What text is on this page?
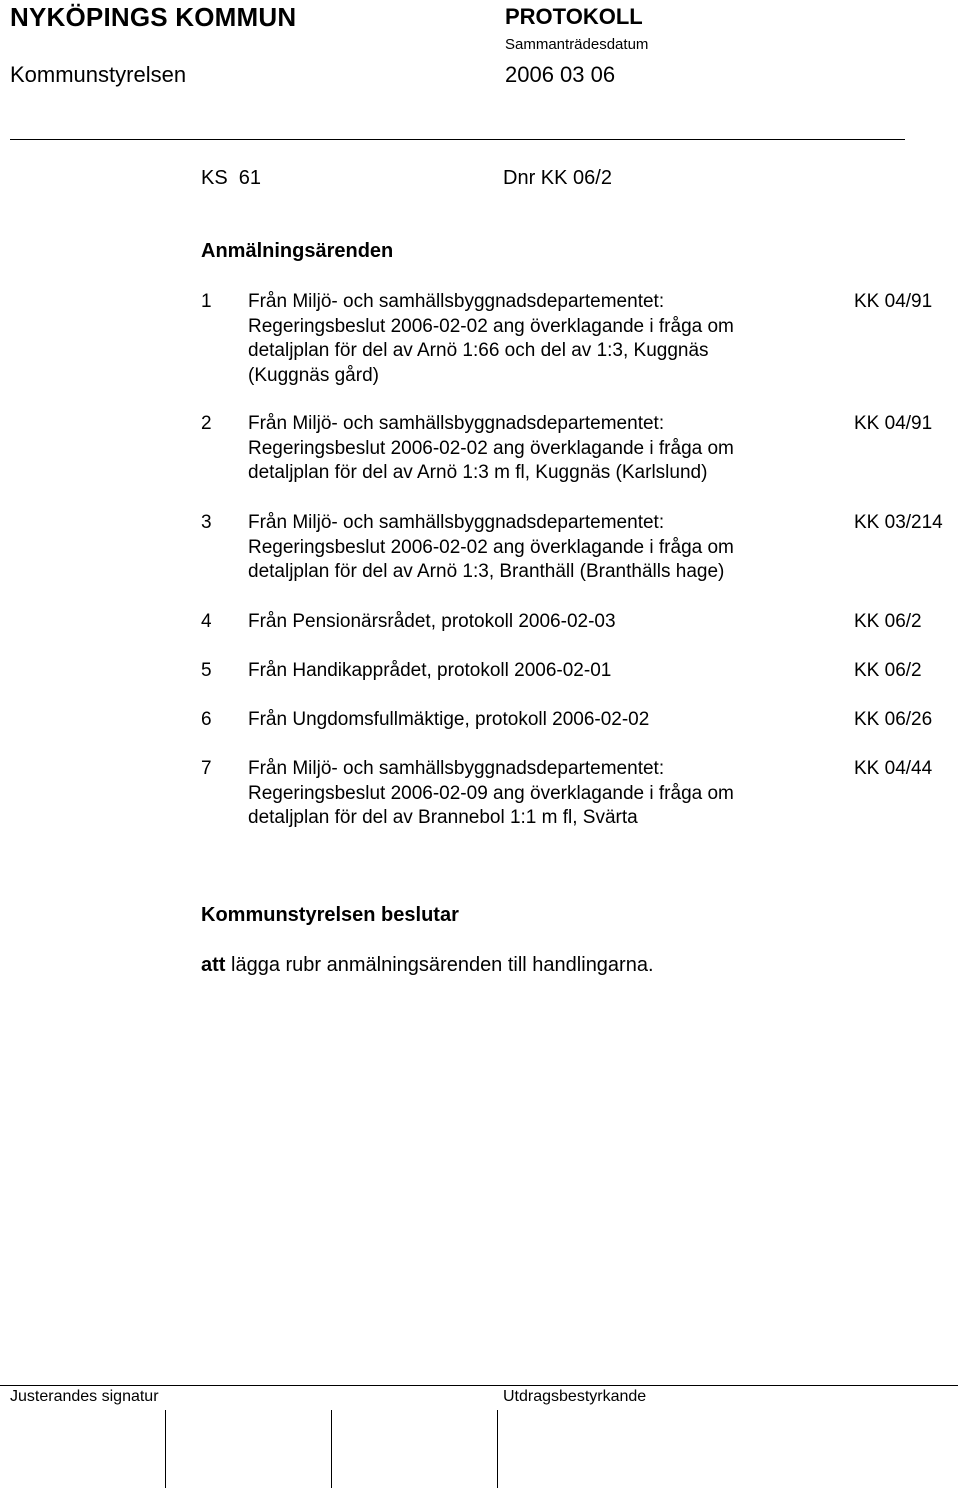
NYKÖPINGS KOMMUN	PROTOKOLL
Sammanträdesdatum
Kommunstyrelsen	2006 03 06
KS  61	Dnr KK 06/2
Anmälningsärenden
1 Från Miljö- och samhällsbyggnadsdepartementet:
Regeringsbeslut 2006-02-02 ang överklagande i fråga om
detaljplan för del av Arnö 1:66 och del av 1:3, Kuggnäs
(Kuggnäs gård)
KK 04/91
2 Från Miljö- och samhällsbyggnadsdepartementet:
Regeringsbeslut 2006-02-02 ang överklagande i fråga om
detaljplan för del av Arnö 1:3 m fl, Kuggnäs (Karlslund)
KK 04/91
3 Från Miljö- och samhällsbyggnadsdepartementet:
Regeringsbeslut 2006-02-02 ang överklagande i fråga om
detaljplan för del av Arnö 1:3, Branthäll (Branthälls hage)
KK 03/214
4 Från Pensionärsrådet, protokoll 2006-02-03	KK 06/2
5 Från Handikapprådet, protokoll 2006-02-01	KK 06/2
6 Från Ungdomsfullmäktige, protokoll 2006-02-02	KK 06/26
7 Från Miljö- och samhällsbyggnadsdepartementet:
Regeringsbeslut 2006-02-09 ang överklagande i fråga om
detaljplan för del av Brannebol 1:1 m fl, Svärta
KK 04/44
Kommunstyrelsen beslutar
att lägga rubr anmälningsärenden till handlingarna.
Justerandes signatur	Utdragsbestyrkande
